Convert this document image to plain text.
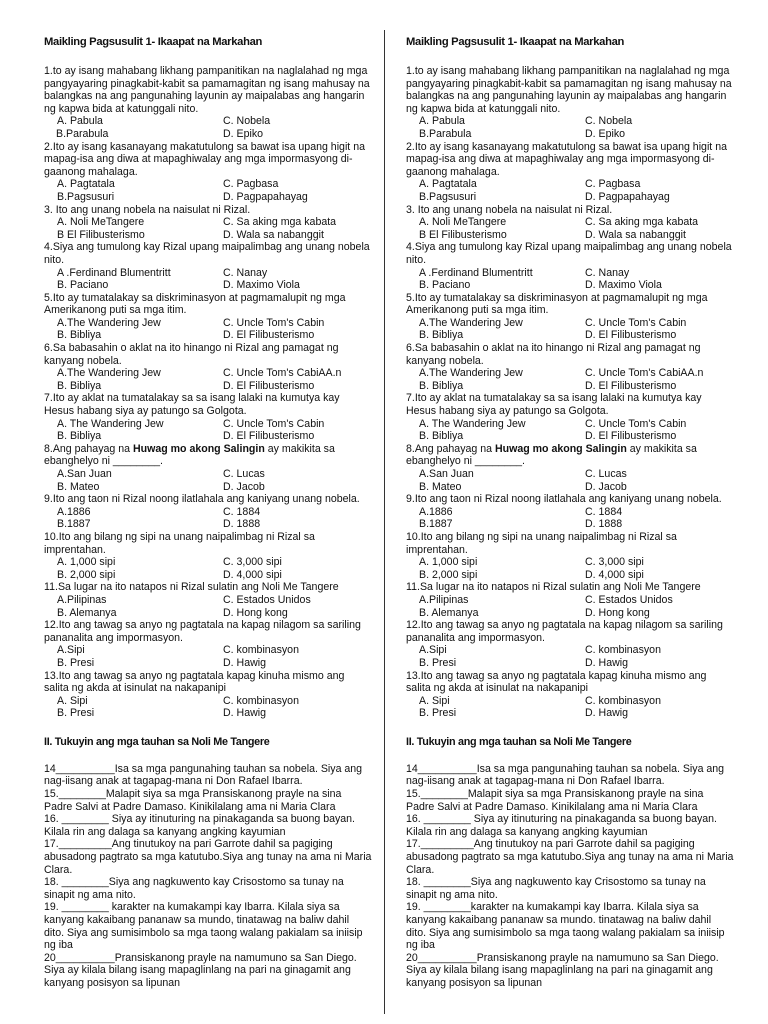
Maikling Pagsusulit 1- Ikaapat na Markahan
1.to ay isang mahabang likhang pampanitikan na naglalahad ng mga pangyayaring pinagkabit-kabit sa pamamagitan ng isang mahusay na balangkas na ang pangunahing layunin ay maipalabas ang hangarin ng kapwa bida at katunggali nito.
A. Pabula	C. Nobela
B.Parabula	D. Epiko
2.Ito ay isang kasanayang makatutulong sa bawat isa upang higit na mapag-isa ang diwa at mapaghiwalay ang mga impormasyong di-gaanong mahalaga.
A. Pagtatala	C. Pagbasa
B.Pagsusuri	D. Pagpapahayag
3. Ito ang unang nobela na naisulat ni Rizal.
A. Noli MeTangere	C. Sa aking mga kabata
B El Filibusterismo	D. Wala sa nabanggit
4.Siya ang tumulong kay Rizal upang maipalimbag ang unang nobela nito.
A .Ferdinand Blumentritt	C. Nanay
B. Paciano	D. Maximo Viola
5.Ito ay tumatalakay sa diskriminasyon at pagmamalupit ng mga Amerikanong puti sa mga itim.
A.The Wandering Jew	C. Uncle Tom's Cabin
B. Bibliya	D. El Filibusterismo
6.Sa babasahin o aklat na ito hinango ni Rizal ang pamagat ng kanyang nobela.
A.The Wandering Jew	C. Uncle Tom's CabiAA.n
B. Bibliya	D. El Filibusterismo
7.Ito ay aklat na tumatalakay sa sa isang lalaki na kumutya kay Hesus habang siya ay patungo sa Golgota.
A. The Wandering Jew	C. Uncle Tom's Cabin
B. Bibliya	D. El Filibusterismo
8.Ang pahayag na Huwag mo akong Salingin ay makikita sa ebanghelyo ni ________.
A.San Juan	C. Lucas
B. Mateo	D. Jacob
9.Ito ang taon ni Rizal noong ilatlahala ang kaniyang unang nobela.
A.1886	C. 1884
B.1887	D. 1888
10.Ito ang bilang ng sipi na unang naipalimbag ni Rizal sa imprentahan.
A. 1,000 sipi	C. 3,000 sipi
B. 2,000 sipi	D. 4,000 sipi
11.Sa lugar na ito natapos ni Rizal sulatin ang Noli Me Tangere
A.Pilipinas	C. Estados Unidos
B. Alemanya	D. Hong kong
12.Ito ang tawag sa anyo ng pagtatala na kapag nilagom sa sariling pananalita ang impormasyon.
A.Sipi	C. kombinasyon
B. Presi	D. Hawig
13.Ito ang tawag sa anyo ng pagtatala kapag kinuha mismo ang salita ng akda at isinulat na nakapanipi
A. Sipi	C. kombinasyon
B. Presi	D. Hawig
II. Tukuyin ang mga tauhan sa Noli Me Tangere
14__________Isa sa mga pangunahing tauhan sa nobela. Siya ang nag-iisang anak at tagapag-mana ni Don Rafael Ibarra.
15.________Malapit siya sa mga Pransiskanong prayle na sina Padre Salvi at Padre Damaso. Kinikilalang ama ni Maria Clara
16. ________ Siya ay itinuturing na pinakaganda sa buong bayan. Kilala rin ang dalaga sa kanyang angking kayumian
17._________Ang tinutukoy na pari Garrote dahil sa pagiging abusadong pagtrato sa mga katutubo.Siya ang tunay na ama ni Maria Clara.
18. ________Siya ang nagkuwento kay Crisostomo sa tunay na sinapit ng ama nito.
19. ________ karakter na kumakampi kay Ibarra. Kilala siya sa kanyang kakaibang pananaw sa mundo, tinatawag na baliw dahil dito. Siya ang sumisimbolo sa mga taong walang pakialam sa iniisip ng iba
20__________Pransiskanong prayle na namumuno sa San Diego. Siya ay kilala bilang isang mapaglinlang na pari na ginagamit ang kanyang posisyon sa lipunan
Maikling Pagsusulit 1- Ikaapat na Markahan
1.to ay isang mahabang likhang pampanitikan na naglalahad ng mga pangyayaring pinagkabit-kabit sa pamamagitan ng isang mahusay na balangkas na ang pangunahing layunin ay maipalabas ang hangarin ng kapwa bida at katunggali nito.
A. Pabula	C. Nobela
B.Parabula	D. Epiko
2.Ito ay isang kasanayang makatutulong sa bawat isa upang higit na mapag-isa ang diwa at mapaghiwalay ang mga impormasyong di-gaanong mahalaga.
A. Pagtatala	C. Pagbasa
B.Pagsusuri	D. Pagpapahayag
3. Ito ang unang nobela na naisulat ni Rizal.
A. Noli MeTangere	C. Sa aking mga kabata
B El Filibusterismo	D. Wala sa nabanggit
4.Siya ang tumulong kay Rizal upang maipalimbag ang unang nobela nito.
A .Ferdinand Blumentritt	C. Nanay
B. Paciano	D. Maximo Viola
5.Ito ay tumatalakay sa diskriminasyon at pagmamalupit ng mga Amerikanong puti sa mga itim.
A.The Wandering Jew	C. Uncle Tom's Cabin
B. Bibliya	D. El Filibusterismo
6.Sa babasahin o aklat na ito hinango ni Rizal ang pamagat ng kanyang nobela.
A.The Wandering Jew	C. Uncle Tom's CabiAA.n
B. Bibliya	D. El Filibusterismo
7.Ito ay aklat na tumatalakay sa sa isang lalaki na kumutya kay Hesus habang siya ay patungo sa Golgota.
A. The Wandering Jew	C. Uncle Tom's Cabin
B. Bibliya	D. El Filibusterismo
8.Ang pahayag na Huwag mo akong Salingin ay makikita sa ebanghelyo ni ________.
A.San Juan	C. Lucas
B. Mateo	D. Jacob
9.Ito ang taon ni Rizal noong ilatlahala ang kaniyang unang nobela.
A.1886	C. 1884
B.1887	D. 1888
10.Ito ang bilang ng sipi na unang naipalimbag ni Rizal sa imprentahan.
A. 1,000 sipi	C. 3,000 sipi
B. 2,000 sipi	D. 4,000 sipi
11.Sa lugar na ito natapos ni Rizal sulatin ang Noli Me Tangere
A.Pilipinas	C. Estados Unidos
B. Alemanya	D. Hong kong
12.Ito ang tawag sa anyo ng pagtatala na kapag nilagom sa sariling pananalita ang impormasyon.
A.Sipi	C. kombinasyon
B. Presi	D. Hawig
13.Ito ang tawag sa anyo ng pagtatala kapag kinuha mismo ang salita ng akda at isinulat na nakapanipi
A. Sipi	C. kombinasyon
B. Presi	D. Hawig
II. Tukuyin ang mga tauhan sa Noli Me Tangere
14__________Isa sa mga pangunahing tauhan sa nobela. Siya ang nag-iisang anak at tagapag-mana ni Don Rafael Ibarra.
15.________Malapit siya sa mga Pransiskanong prayle na sina Padre Salvi at Padre Damaso. Kinikilalang ama ni Maria Clara
16. ________ Siya ay itinuturing na pinakaganda sa buong bayan. Kilala rin ang dalaga sa kanyang angking kayumian
17._________Ang tinutukoy na pari Garrote dahil sa pagiging abusadong pagtrato sa mga katutubo.Siya ang tunay na ama ni Maria Clara.
18. ________Siya ang nagkuwento kay Crisostomo sa tunay na sinapit ng ama nito.
19. ________karakter na kumakampi kay Ibarra. Kilala siya sa kanyang kakaibang pananaw sa mundo. tinatawag na baliw dahil dito. Siya ang sumisimbolo sa mga taong walang pakialam sa iniisip ng iba
20__________Pransiskanong prayle na namumuno sa San Diego. Siya ay kilala bilang isang mapaglinlang na pari na ginagamit ang kanyang posisyon sa lipunan
